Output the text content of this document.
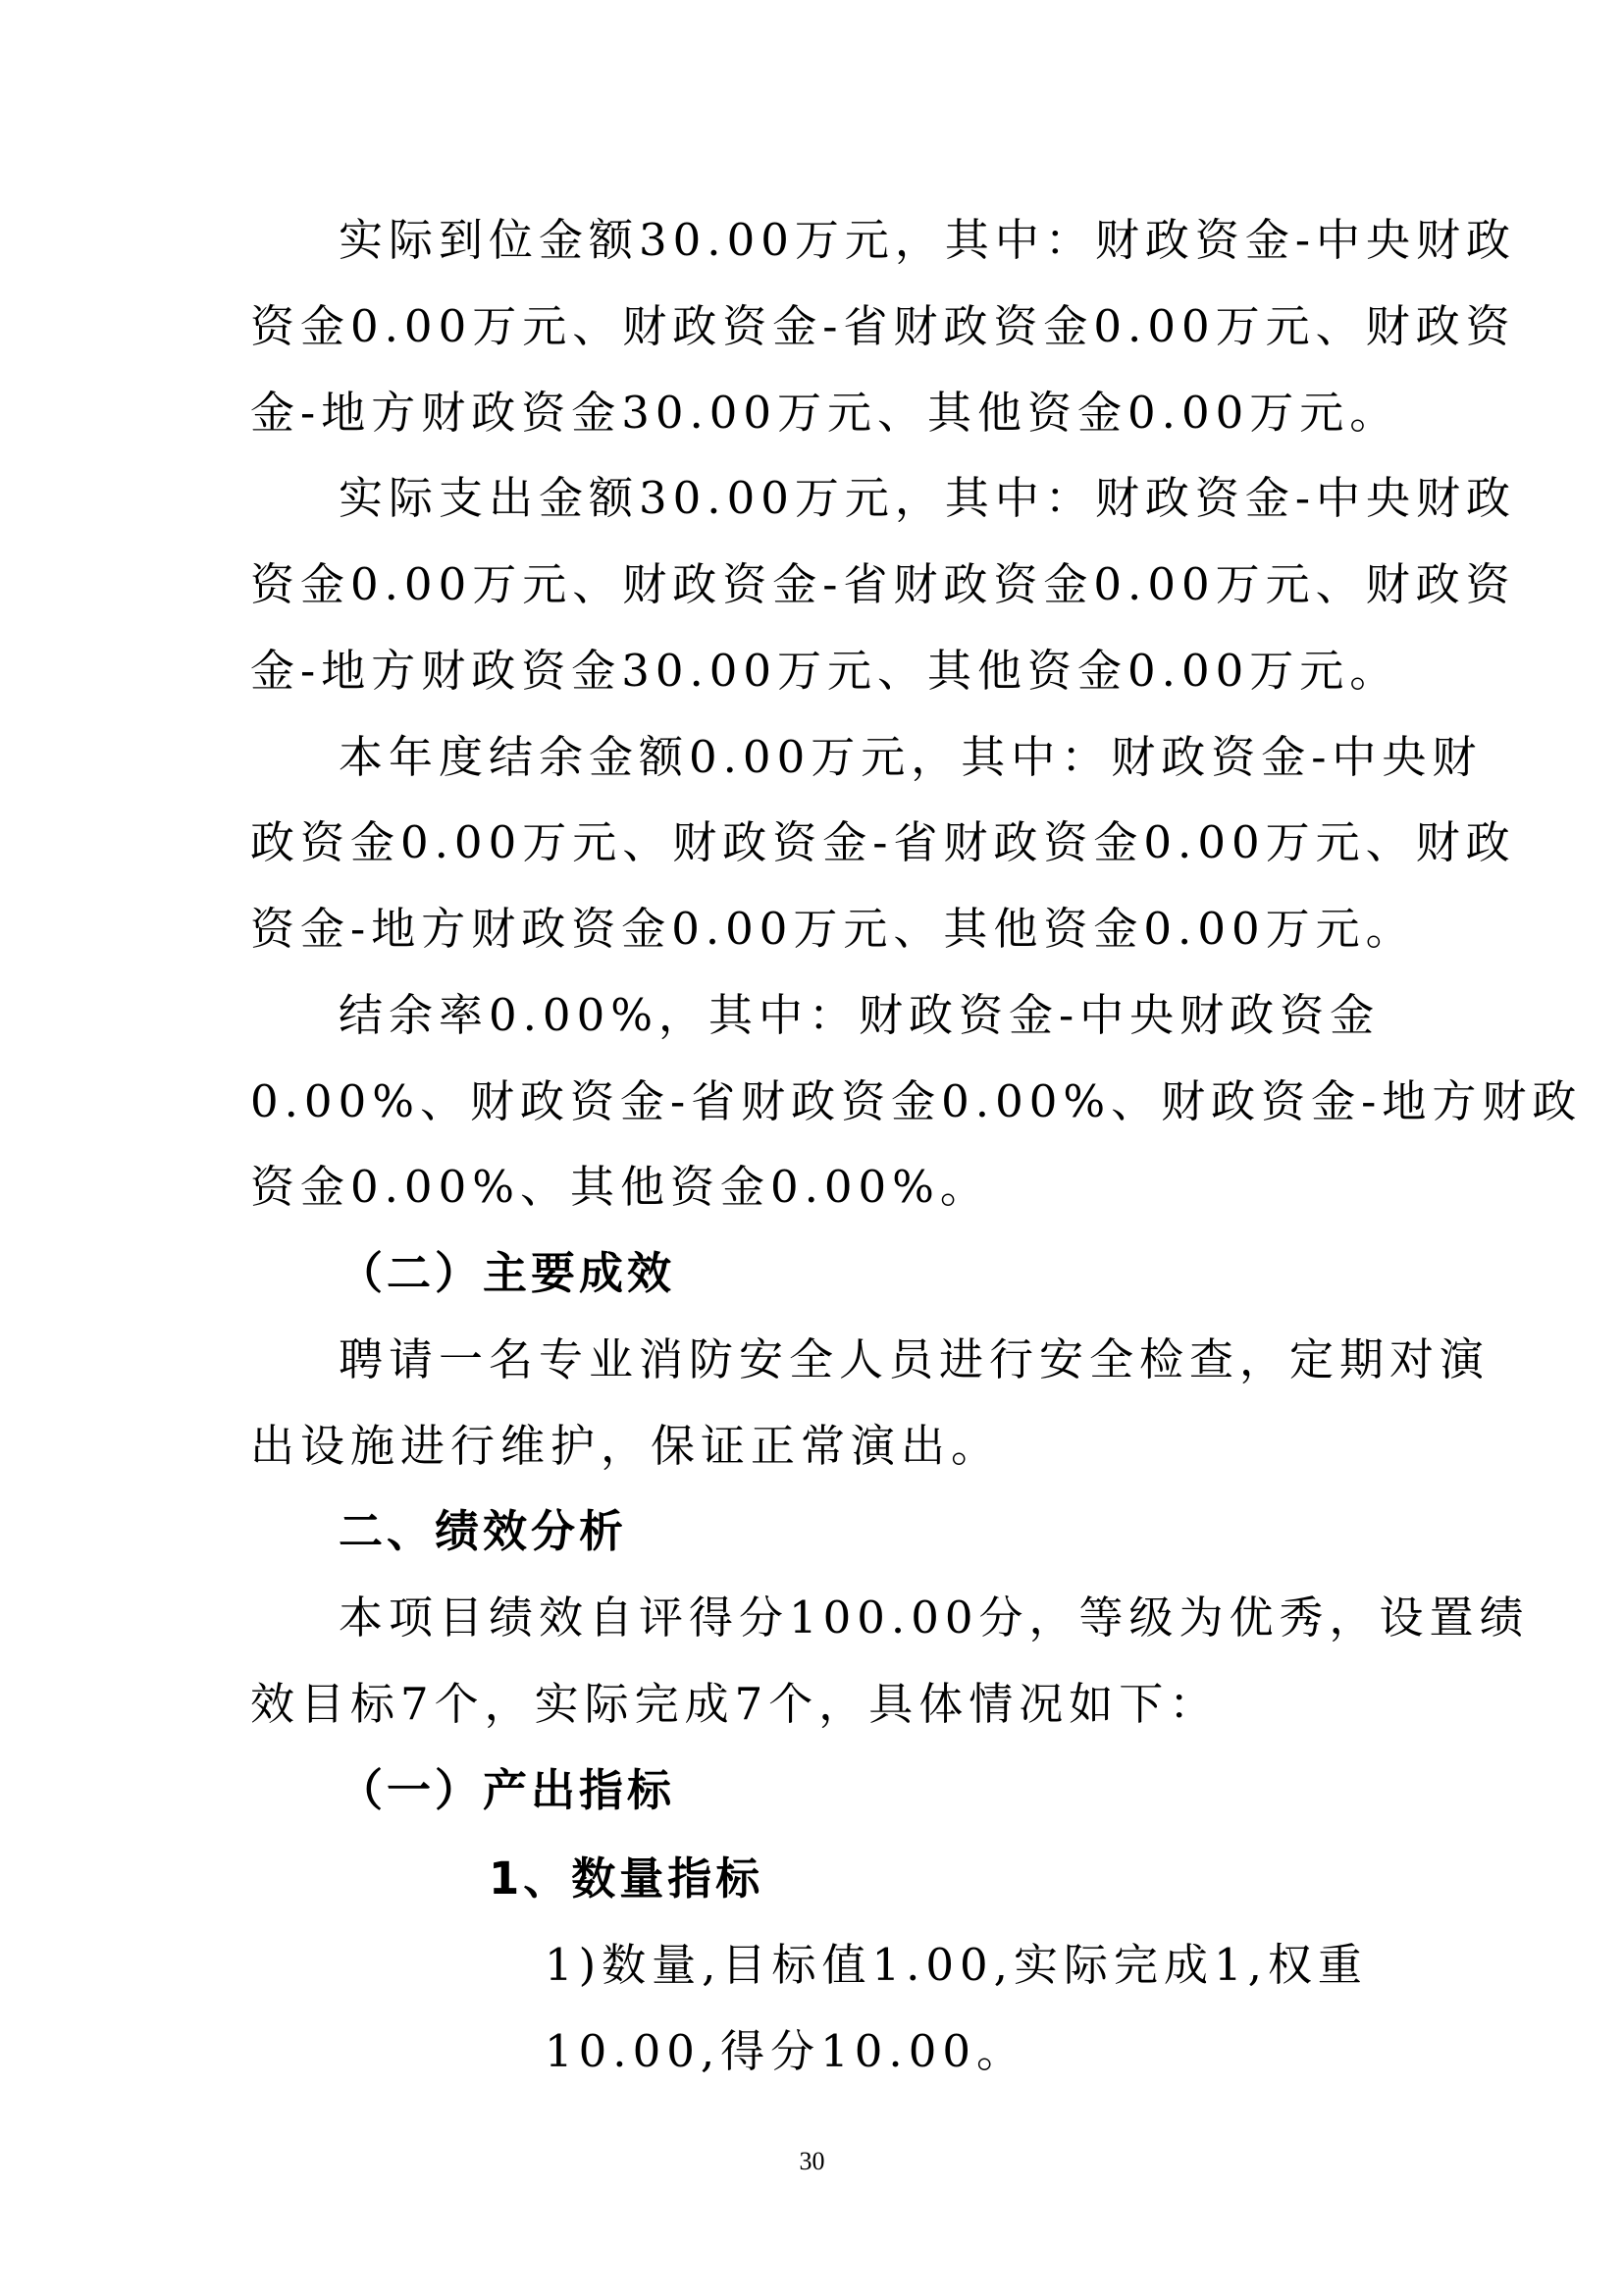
实际到位金额30.00万元，其中：财政资金-中央财政
资金0.00万元、财政资金-省财政资金0.00万元、财政资
金-地方财政资金30.00万元、其他资金0.00万元。
实际支出金额30.00万元，其中：财政资金-中央财政
资金0.00万元、财政资金-省财政资金0.00万元、财政资
金-地方财政资金30.00万元、其他资金0.00万元。
本年度结余金额0.00万元，其中：财政资金-中央财
政资金0.00万元、财政资金-省财政资金0.00万元、财政
资金-地方财政资金0.00万元、其他资金0.00万元。
结余率0.00%，其中：财政资金-中央财政资金
0.00%、财政资金-省财政资金0.00%、财政资金-地方财政
资金0.00%、其他资金0.00%。
（二）主要成效
聘请一名专业消防安全人员进行安全检查，定期对演
出设施进行维护，保证正常演出。
二、绩效分析
本项目绩效自评得分100.00分，等级为优秀，设置绩
效目标7个，实际完成7个，具体情况如下：
（一）产出指标
1、数量指标
1)数量,目标值1.00,实际完成1,权重
10.00,得分10.00。
30
